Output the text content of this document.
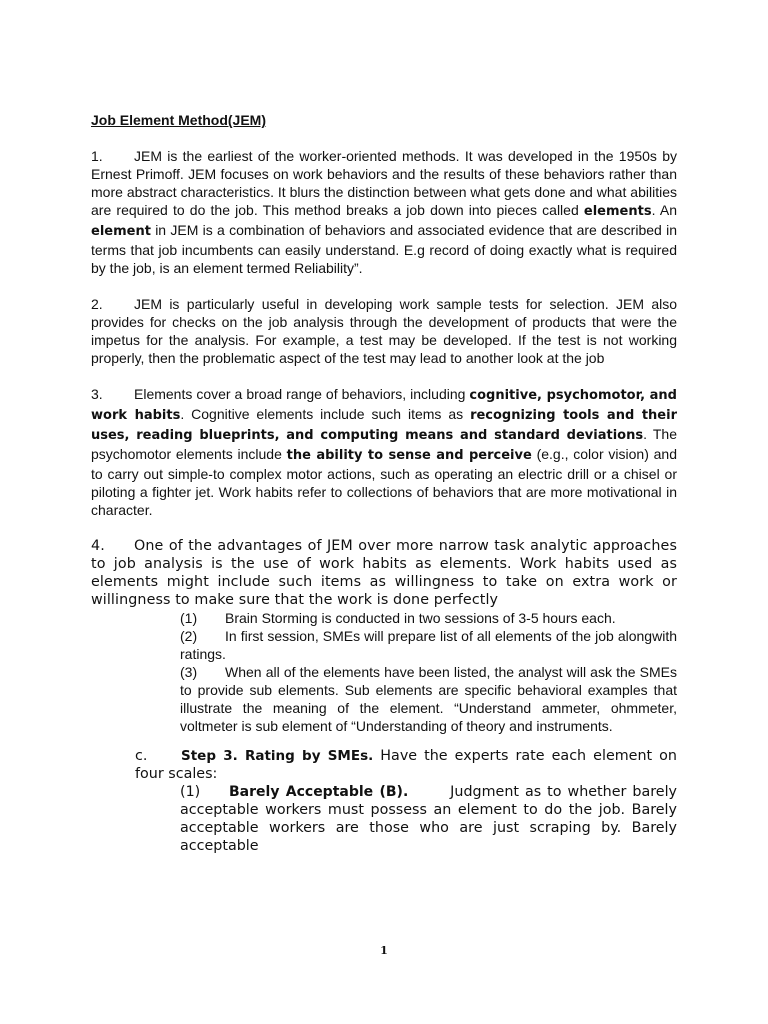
Job Element Method(JEM)

1. JEM is the earliest of the worker-oriented methods. It was developed in the 1950s by Ernest Primoff. JEM focuses on work behaviors and the results of these behaviors rather than more abstract characteristics. It blurs the distinction between what gets done and what abilities are required to do the job. This method breaks a job down into pieces called elements. An element in JEM is a combination of behaviors and associated evidence that are described in terms that job incumbents can easily understand. E.g record of doing exactly what is required by the job, is an element termed Reliability”.

2. JEM is particularly useful in developing work sample tests for selection. JEM also provides for checks on the job analysis through the development of products that were the impetus for the analysis. For example, a test may be developed. If the test is not working properly, then the problematic aspect of the test may lead to another look at the job

3. Elements cover a broad range of behaviors, including cognitive, psychomotor, and work habits. Cognitive elements include such items as recognizing tools and their uses, reading blueprints, and computing means and standard deviations. The psychomotor elements include the ability to sense and perceive (e.g., color vision) and to carry out simple-to complex motor actions, such as operating an electric drill or a chisel or piloting a fighter jet. Work habits refer to collections of behaviors that are more motivational in character.

4. One of the advantages of JEM over more narrow task analytic approaches to job analysis is the use of work habits as elements. Work habits used as elements might include such items as willingness to take on extra work or willingness to make sure that the work is done perfectly

(1) Brain Storming is conducted in two sessions of 3-5 hours each.

(2) In first session, SMEs will prepare list of all elements of the job alongwith ratings.

(3) When all of the elements have been listed, the analyst will ask the SMEs to provide sub elements. Sub elements are specific behavioral examples that illustrate the meaning of the element. “Understand ammeter, ohmmeter, voltmeter is sub element of “Understanding of theory and instruments.

c. Step 3. Rating by SMEs. Have the experts rate each element on four scales:

(1) Barely Acceptable (B).	Judgment as to whether barely acceptable workers must possess an element to do the job. Barely acceptable workers are those who are just scraping by. Barely acceptable

1
